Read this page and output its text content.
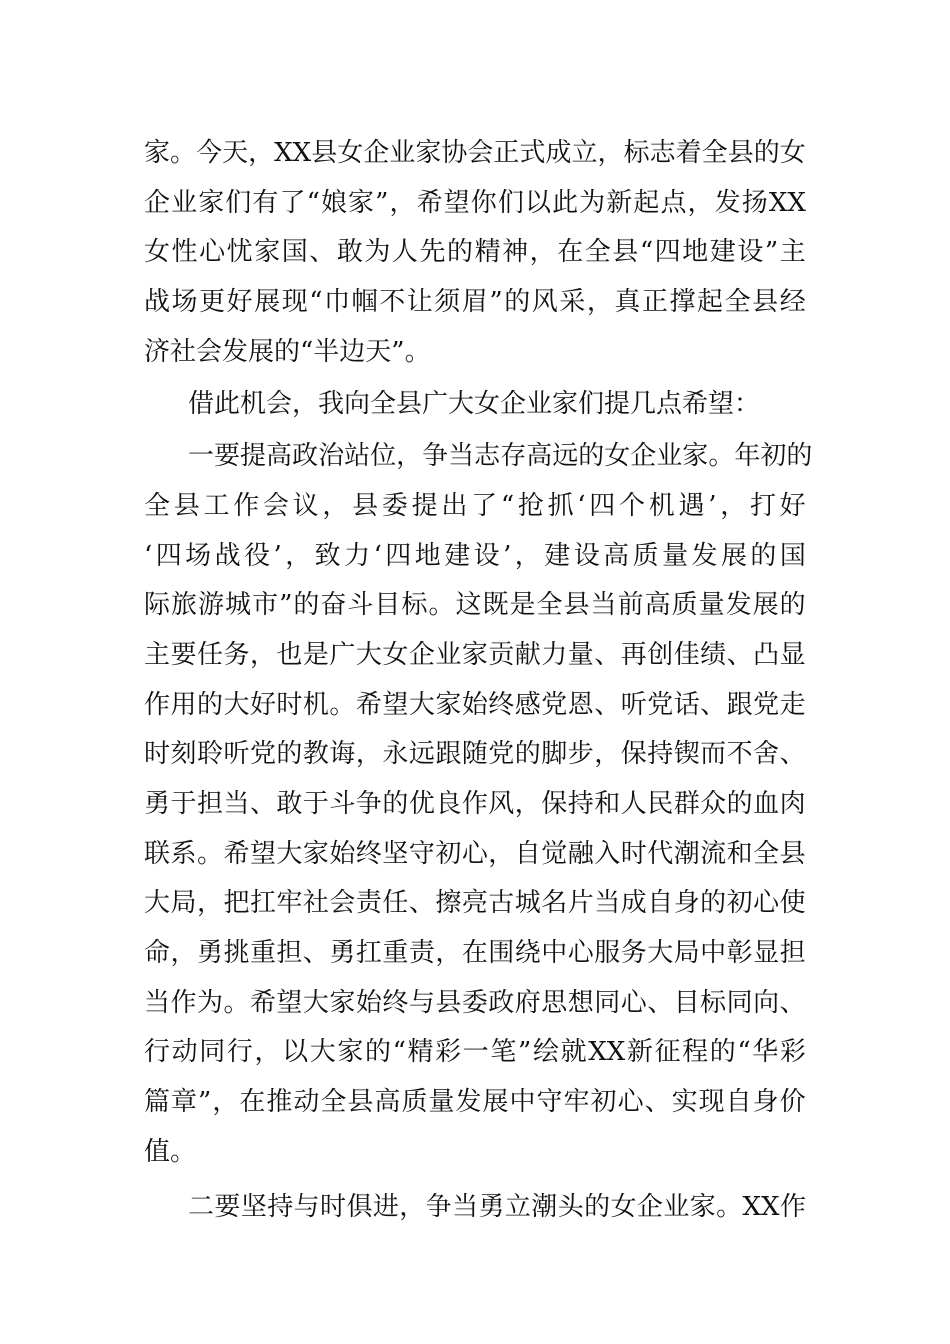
家 。 今 天 ， XX 县 女 企 业 家 协 会 正 式 成 立 ， 标 志 着 全 县 的 女
企 业 家 们 有 了 “ 娘 家 ” ， 希 望 你 们 以 此 为 新 起 点 ， 发 扬 XX
女 性 心 忧 家 国 、 敢 为 人 先 的 精 神 ， 在 全 县 “ 四 地 建 设 ” 主
战 场 更 好 展 现 “ 巾 帼 不 让 须 眉 ” 的 风 采 ， 真 正 撑 起 全 县 经
济社会发展的“半边天”。
借此机会，我向全县广大女企业家们提几点希望：
一 要 提 高 政 治 站 位 ， 争 当 志 存 高 远 的 女 企 业 家 。 年 初 的
全 县 工 作 会 议 ， 县 委 提 出 了 “ 抢 抓 ‘ 四 个 机 遇 ’ ， 打 好
‘ 四 场 战 役 ’ ， 致 力 ‘ 四 地 建 设 ’ ， 建 设 高 质 量 发 展 的 国
际 旅 游 城 市 ” 的 奋 斗 目 标 。 这 既 是 全 县 当 前 高 质 量 发 展 的
主 要 任 务 ， 也 是 广 大 女 企 业 家 贡 献 力 量 、 再 创 佳 绩 、 凸 显
作 用 的 大 好 时 机 。 希 望 大 家 始 终 感 党 恩 、 听 党 话 、 跟 党 走
时 刻 聆 听 党 的 教 诲 ， 永 远 跟 随 党 的 脚 步 ， 保 持 锲 而 不 舍 、
勇 于 担 当 、 敢 于 斗 争 的 优 良 作 风 ， 保 持 和 人 民 群 众 的 血 肉
联 系 。 希 望 大 家 始 终 坚 守 初 心 ， 自 觉 融 入 时 代 潮 流 和 全 县
大 局 ， 把 扛 牢 社 会 责 任 、 擦 亮 古 城 名 片 当 成 自 身 的 初 心 使
命 ， 勇 挑 重 担 、 勇 扛 重 责 ， 在 围 绕 中 心 服 务 大 局 中 彰 显 担
当 作 为 。 希 望 大 家 始 终 与 县 委 政 府 思 想 同 心 、 目 标 同 向 、
行 动 同 行 ， 以 大 家 的 “ 精 彩 一 笔 ” 绘 就 XX 新 征 程 的 “ 华 彩
篇 章 ” ， 在 推 动 全 县 高 质 量 发 展 中 守 牢 初 心 、 实 现 自 身 价
值。
二 要 坚 持 与 时 俱 进 ， 争 当 勇 立 潮 头 的 女 企 业 家 。 XX 作
